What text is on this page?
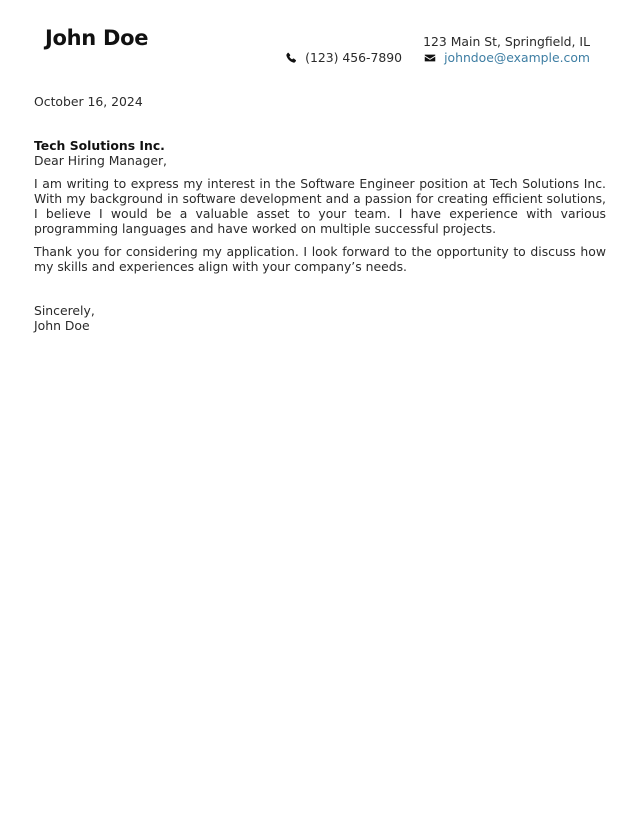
John Doe	123 Main St, Springfield, IL
(123) 456-7890	johndoe@example.com

October 16, 2024

Tech Solutions Inc.

Dear Hiring Manager,

I am writing to express my interest in the Software Engineer position at Tech Solutions Inc. With my background in software development and a passion for creating efficient solutions, I believe I would be a valuable asset to your team. I have experience with various programming languages and have worked on multiple successful projects.

Thank you for considering my application. I look forward to the opportunity to discuss how my skills and experiences align with your company’s needs.

Sincerely,

John Doe
